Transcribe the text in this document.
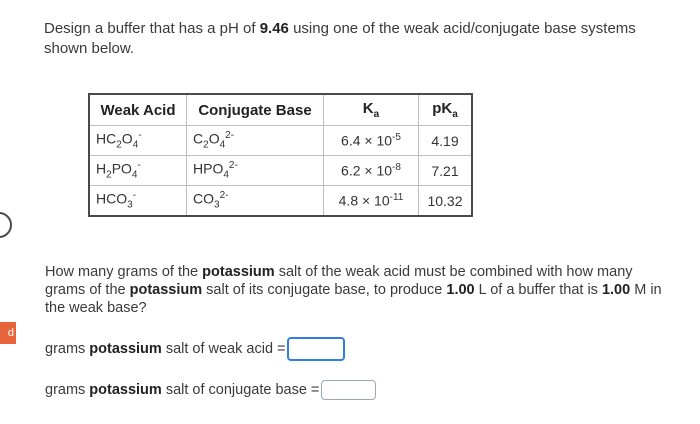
d
Design a buffer that has a pH of 9.46 using one of the weak acid/conjugate base systems shown below.
Weak Acid	Conjugate Base	$K_a$	$pK_a$
$HC_2O_4^-$	$C_2O_4^{2-}$	$6.4 \times 10^{-5}$	4.19
$H_2PO_4^-$	$HPO_4^{2-}$	$6.2 \times 10^{-8}$	7.21
$HCO_3^-$	$CO_3^{2-}$	$4.8 \times 10^{-11}$	10.32
How many grams of the potassium salt of the weak acid must be combined with how many grams of the potassium salt of its conjugate base, to produce 1.00 L of a buffer that is 1.00 M in the weak base?
grams potassium salt of weak acid =
grams potassium salt of conjugate base =
